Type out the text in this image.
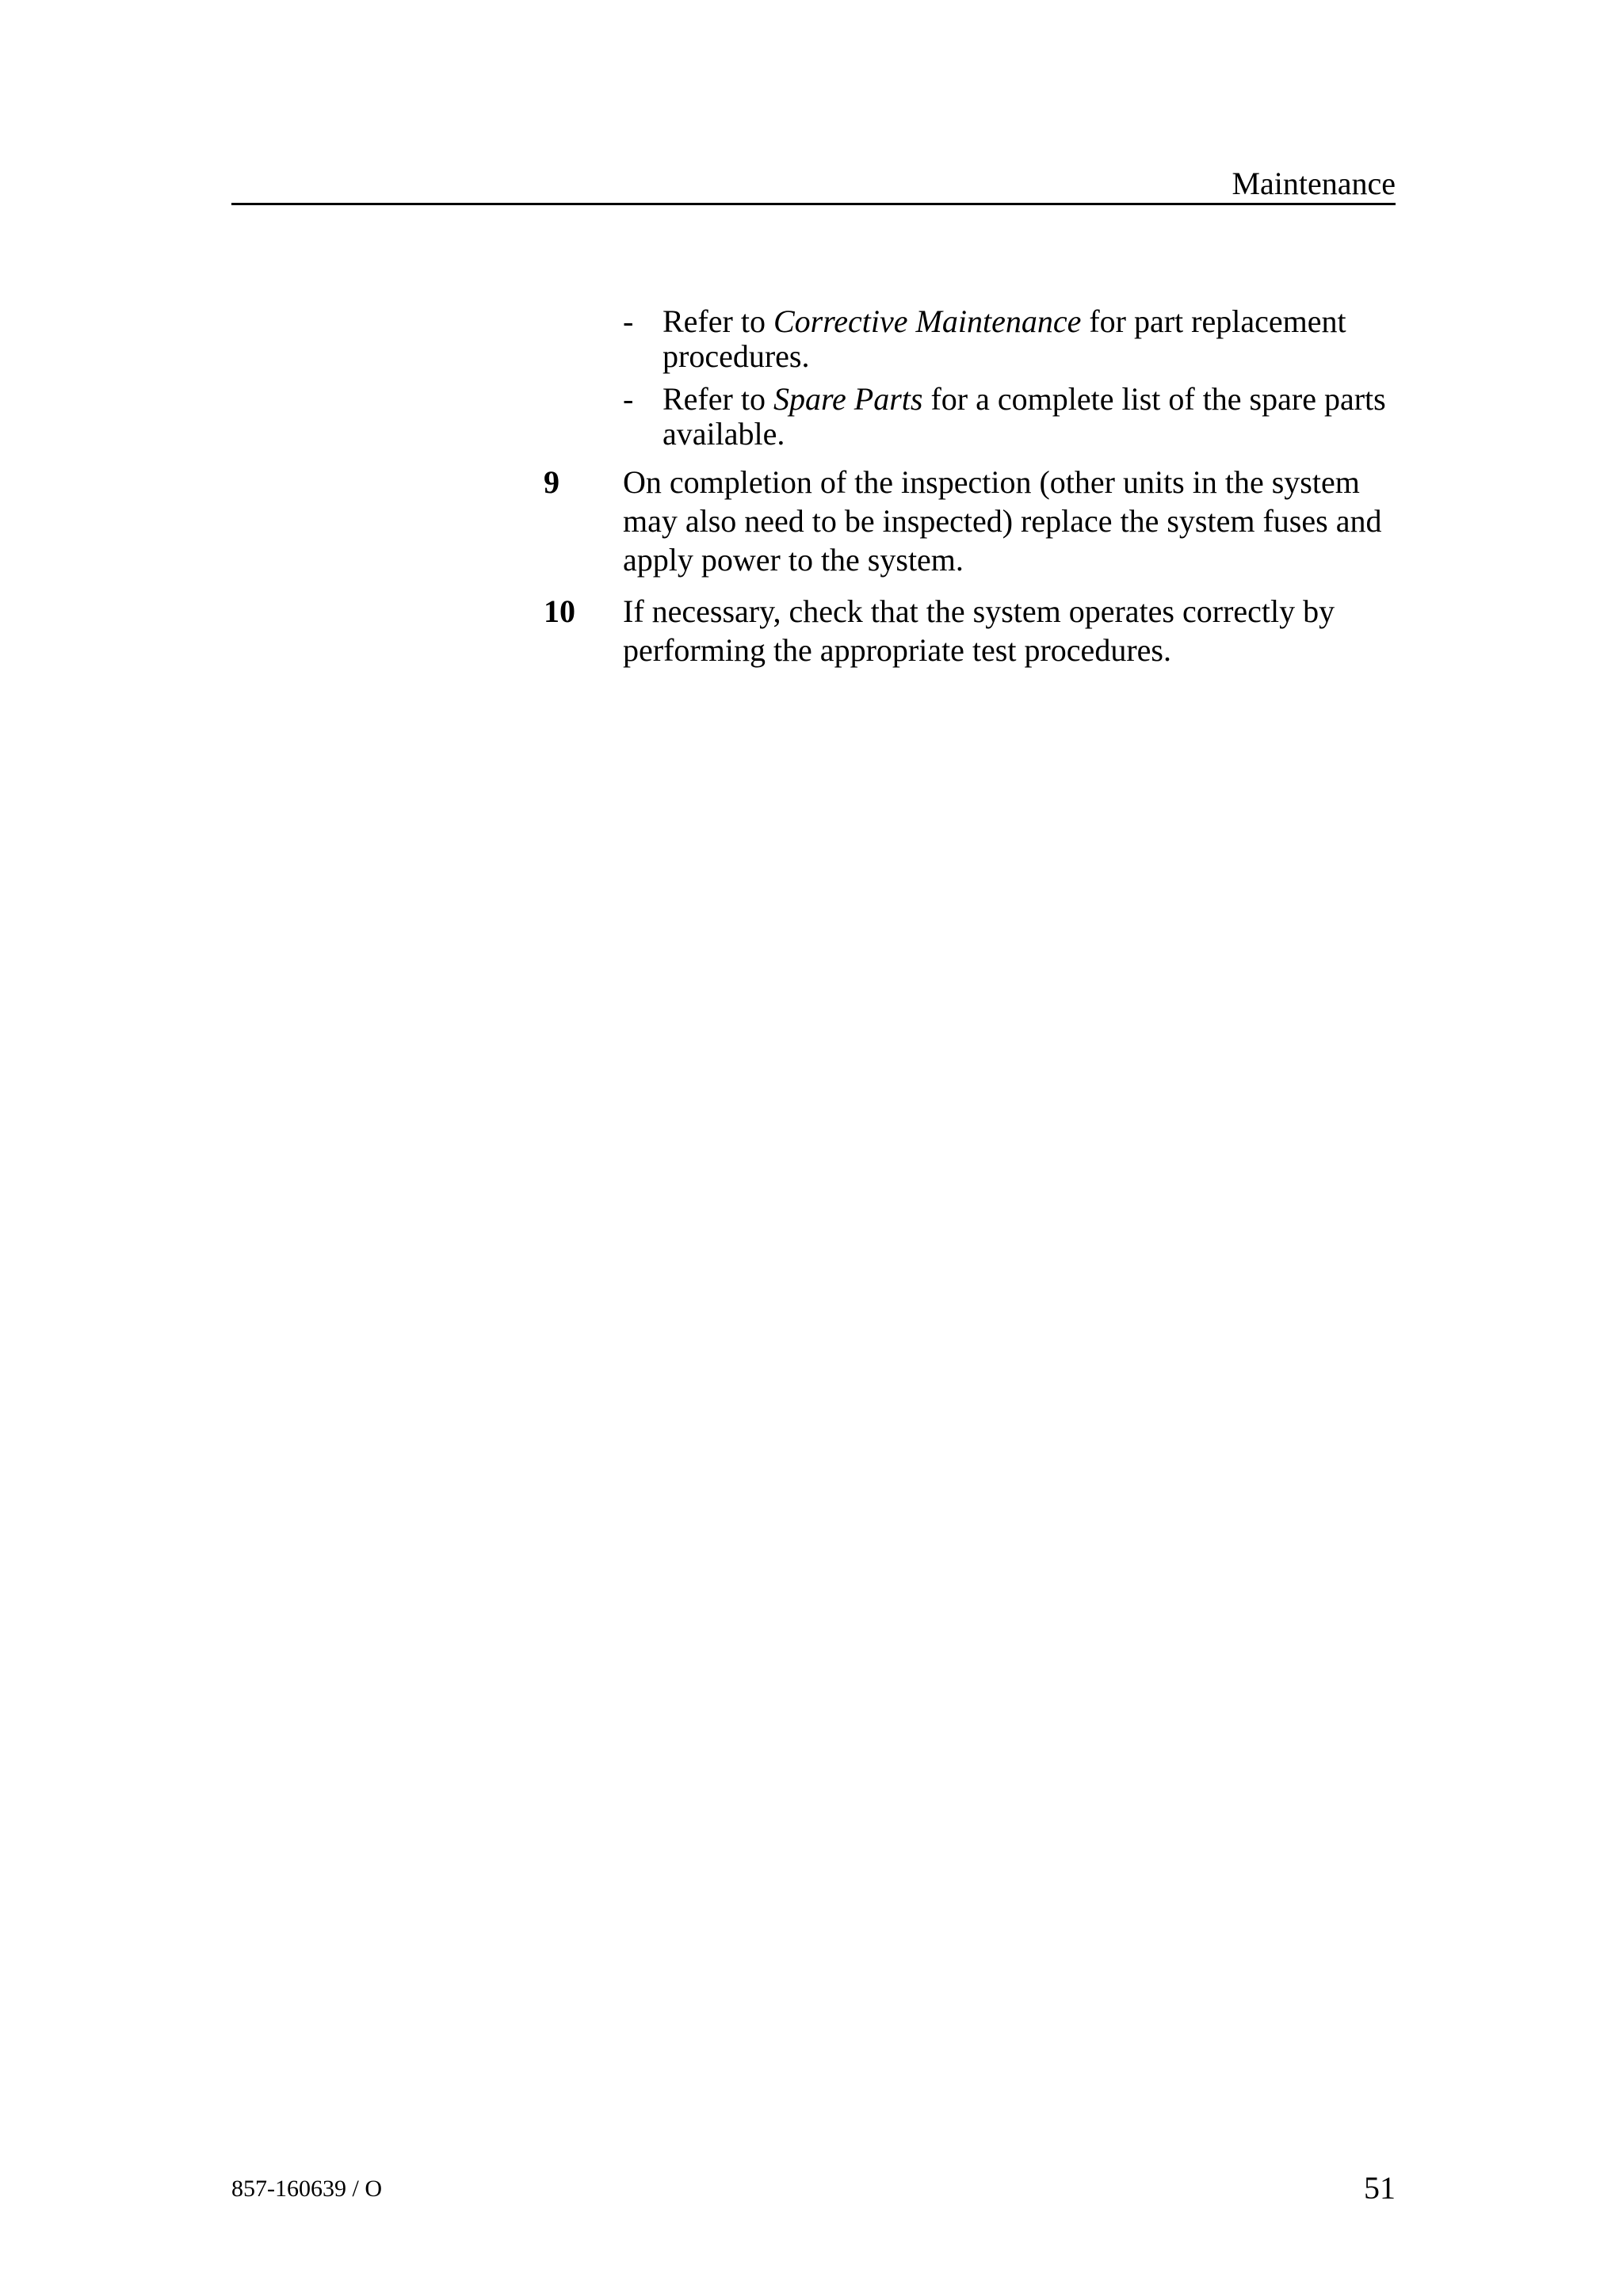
Maintenance
- Refer to Corrective Maintenance for part replacement procedures.
- Refer to Spare Parts for a complete list of the spare parts available.
9 On completion of the inspection (other units in the system may also need to be inspected) replace the system fuses and apply power to the system.
10 If necessary, check that the system operates correctly by performing the appropriate test procedures.
857-160639 / O	51
